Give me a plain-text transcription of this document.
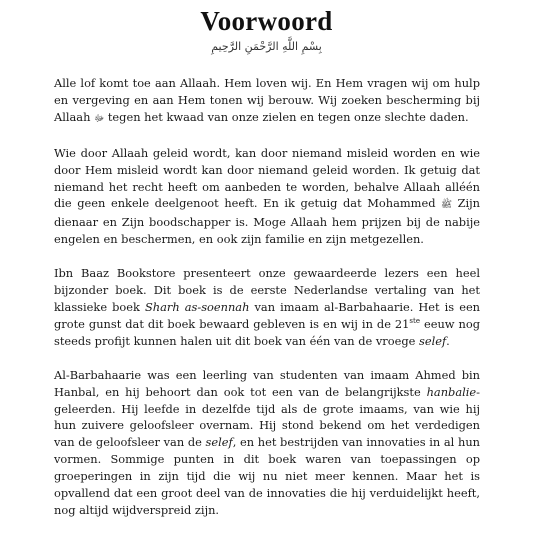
Voorwoord
بِسْمِ اللَّهِ الرَّحْمَنِ الرَّحِيمِ

Alle lof komt toe aan Allaah. Hem loven wij. En Hem vragen wij om hulp en vergeving en aan Hem tonen wij berouw. Wij zoeken bescherming bij Allaah ﷻ tegen het kwaad van onze zielen en tegen onze slechte daden.

Wie door Allaah geleid wordt, kan door niemand misleid worden en wie door Hem misleid wordt kan door niemand geleid worden. Ik getuig dat niemand het recht heeft om aanbeden te worden, behalve Allaah alléén die geen enkele deelgenoot heeft. En ik getuig dat Mohammed ﷺ Zijn dienaar en Zijn boodschapper is. Moge Allaah hem prijzen bij de nabije engelen en beschermen, en ook zijn familie en zijn metgezellen.

Ibn Baaz Bookstore presenteert onze gewaardeerde lezers een heel bijzonder boek. Dit boek is de eerste Nederlandse vertaling van het klassieke boek Sharh as-soennah van imaam al-Barbahaarie. Het is een grote gunst dat dit boek bewaard gebleven is en wij in de 21ste eeuw nog steeds profijt kunnen halen uit dit boek van één van de vroege selef.

Al-Barbahaarie was een leerling van studenten van imaam Ahmed bin Hanbal, en hij behoort dan ook tot een van de belangrijkste hanbalie-geleerden. Hij leefde in dezelfde tijd als de grote imaams, van wie hij hun zuivere geloofsleer overnam. Hij stond bekend om het verdedigen van de geloofsleer van de selef, en het bestrijden van innovaties in al hun vormen. Sommige punten in dit boek waren van toepassingen op groeperingen in zijn tijd die wij nu niet meer kennen. Maar het is opvallend dat een groot deel van de innovaties die hij verduidelijkt heeft, nog altijd wijdverspreid zijn.
